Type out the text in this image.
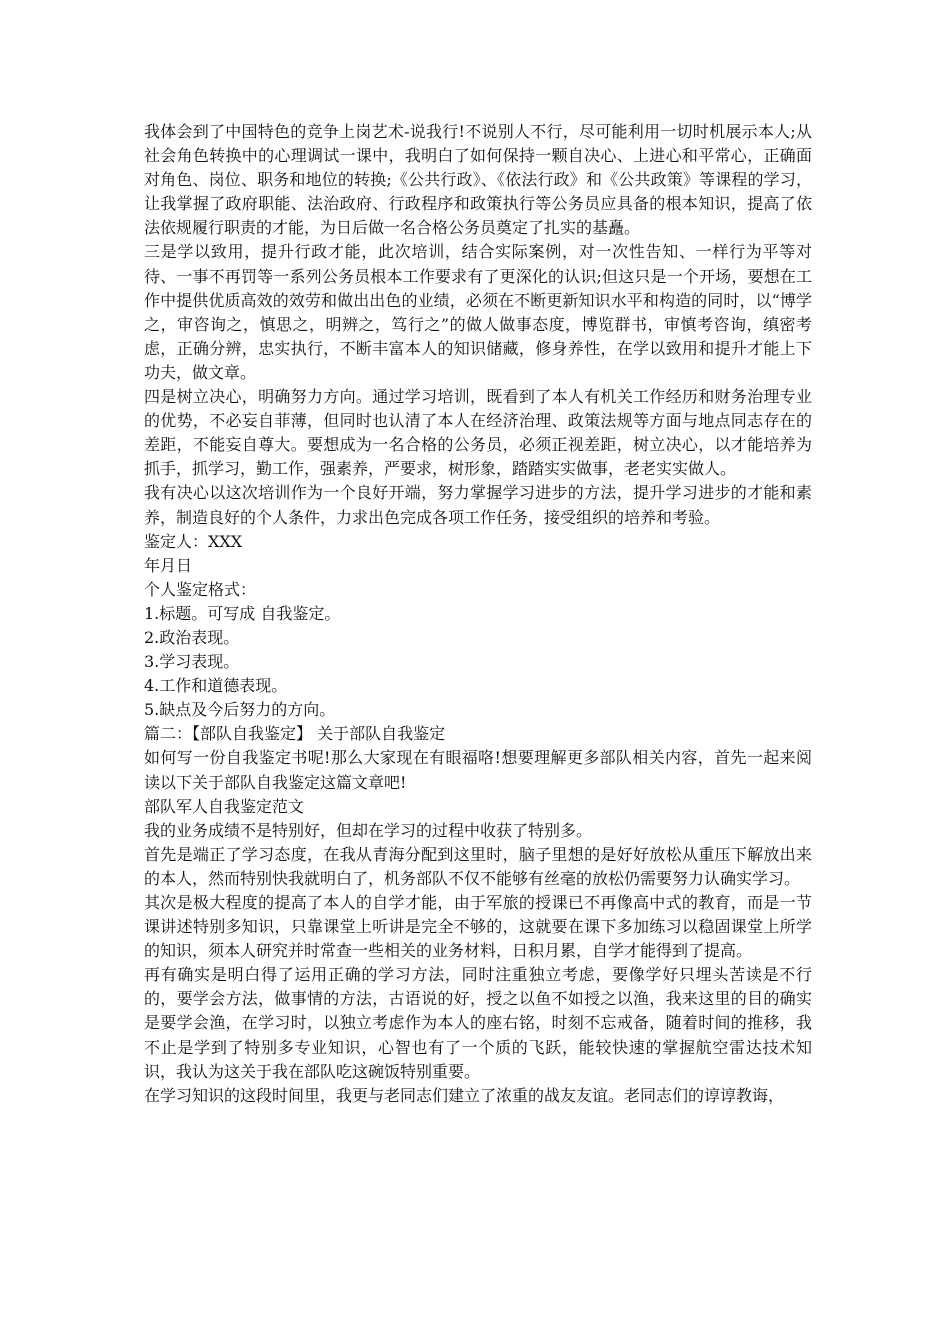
我体会到了中国特色的竞争上岗艺术-说我行!不说别人不行，尽可能利用一切时机展示本人;从社会角色转换中的心理调试一课中，我明白了如何保持一颗自决心、上进心和平常心，正确面对角色、岗位、职务和地位的转换;《公共行政》、《依法行政》和《公共政策》等课程的学习，让我掌握了政府职能、法治政府、行政程序和政策执行等公务员应具备的根本知识，提高了依法依规履行职责的才能，为日后做一名合格公务员奠定了扎实的基矗。

三是学以致用，提升行政才能，此次培训，结合实际案例，对一次性告知、一样行为平等对待、一事不再罚等一系列公务员根本工作要求有了更深化的认识;但这只是一个开场，要想在工作中提供优质高效的效劳和做出出色的业绩，必须在不断更新知识水平和构造的同时，以“博学之，审咨询之，慎思之，明辨之，笃行之”的做人做事态度，博览群书，审慎考咨询，缜密考虑，正确分辨，忠实执行，不断丰富本人的知识储藏，修身养性，在学以致用和提升才能上下功夫，做文章。

四是树立决心，明确努力方向。通过学习培训，既看到了本人有机关工作经历和财务治理专业的优势，不必妄自菲薄，但同时也认清了本人在经济治理、政策法规等方面与地点同志存在的差距，不能妄自尊大。要想成为一名合格的公务员，必须正视差距，树立决心，以才能培养为抓手，抓学习，勤工作，强素养，严要求，树形象，踏踏实实做事，老老实实做人。

我有决心以这次培训作为一个良好开端，努力掌握学习进步的方法，提升学习进步的才能和素养，制造良好的个人条件，力求出色完成各项工作任务，接受组织的培养和考验。

鉴定人：XXX

年月日

个人鉴定格式：

1.标题。可写成 自我鉴定。

2.政治表现。

3.学习表现。

4.工作和道德表现。

5.缺点及今后努力的方向。

篇二：【部队自我鉴定】 关于部队自我鉴定

如何写一份自我鉴定书呢!那么大家现在有眼福咯!想要理解更多部队相关内容，首先一起来阅读以下关于部队自我鉴定这篇文章吧!

部队军人自我鉴定范文

我的业务成绩不是特别好，但却在学习的过程中收获了特别多。

首先是端正了学习态度，在我从青海分配到这里时，脑子里想的是好好放松从重压下解放出来的本人，然而特别快我就明白了，机务部队不仅不能够有丝毫的放松仍需要努力认确实学习。

其次是极大程度的提高了本人的自学才能，由于军旅的授课已不再像高中式的教育，而是一节课讲述特别多知识，只靠课堂上听讲是完全不够的，这就要在课下多加练习以稳固课堂上所学的知识，须本人研究并时常查一些相关的业务材料，日积月累，自学才能得到了提高。

再有确实是明白得了运用正确的学习方法，同时注重独立考虑，要像学好只埋头苦读是不行的，要学会方法，做事情的方法，古语说的好，授之以鱼不如授之以渔，我来这里的目的确实是要学会渔，在学习时，以独立考虑作为本人的座右铭，时刻不忘戒备，随着时间的推移，我不止是学到了特别多专业知识，心智也有了一个质的飞跃，能较快速的掌握航空雷达技术知识，我认为这关于我在部队吃这碗饭特别重要。

在学习知识的这段时间里，我更与老同志们建立了浓重的战友友谊。老同志们的谆谆教诲，
